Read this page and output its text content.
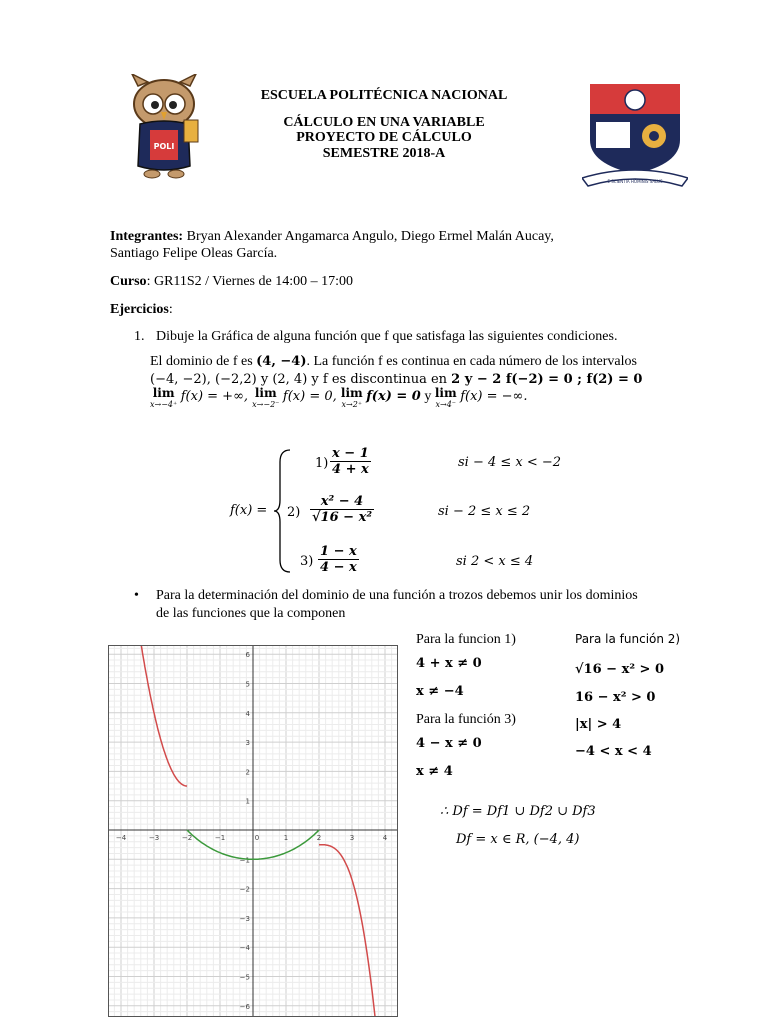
POLI
E SCIENTIA HOMINIS SALUS
ESCUELA POLITÉCNICA NACIONAL
CÁLCULO EN UNA VARIABLE
PROYECTO DE CÁLCULO
SEMESTRE 2018-A
Integrantes: Bryan Alexander Angamarca Angulo, Diego Ermel Malán Aucay,
Santiago Felipe Oleas García.
Curso: GR11S2 / Viernes de 14:00 – 17:00
Ejercicios:
1. Dibuje la Gráfica de alguna función que f que satisfaga las siguientes condiciones.
El dominio de f es (4, −4). La función f es continua en cada número de los intervalos
(−4, −2), (−2,2) y (2, 4) y f es discontinua en 2 y − 2 f(−2) = 0 ; f(2) = 0
lim
x→−4⁺
f(x) = +∞, lim
x→−2⁻
f(x) = 0, lim
x→2⁺
f(x) = 0 y lim
x→4⁻
f(x) = −∞.
f(x) =
$1) \frac{x - 1}{4 + x}$	si − 4 ≤ x < −2
$2) \frac{\text{x² − 4}}{\text{√16 − x²}}$	si − 2 ≤ x ≤ 2
$3) \frac{1 - x}{4 - x}$	si 2 < x ≤ 4
• Para la determinación del dominio de una función a trozos debemos unir los dominios
de las funciones que la componen
−4	−3	−2	−1	0	1	2	3	4
6
5
4
3
2
1
−1
−2
−3
−4
−5
−6
Para la funcion 1)
4 + x ≠ 0
x ≠ −4
Para la función 3)
4 − x ≠ 0
x ≠ 4
Para la función 2)
√16 − x² > 0
16 − x² > 0
|x| > 4
−4 < x < 4
∴ Df = Df1 ∪ Df2 ∪ Df3
Df = x ∈ R, (−4, 4)
